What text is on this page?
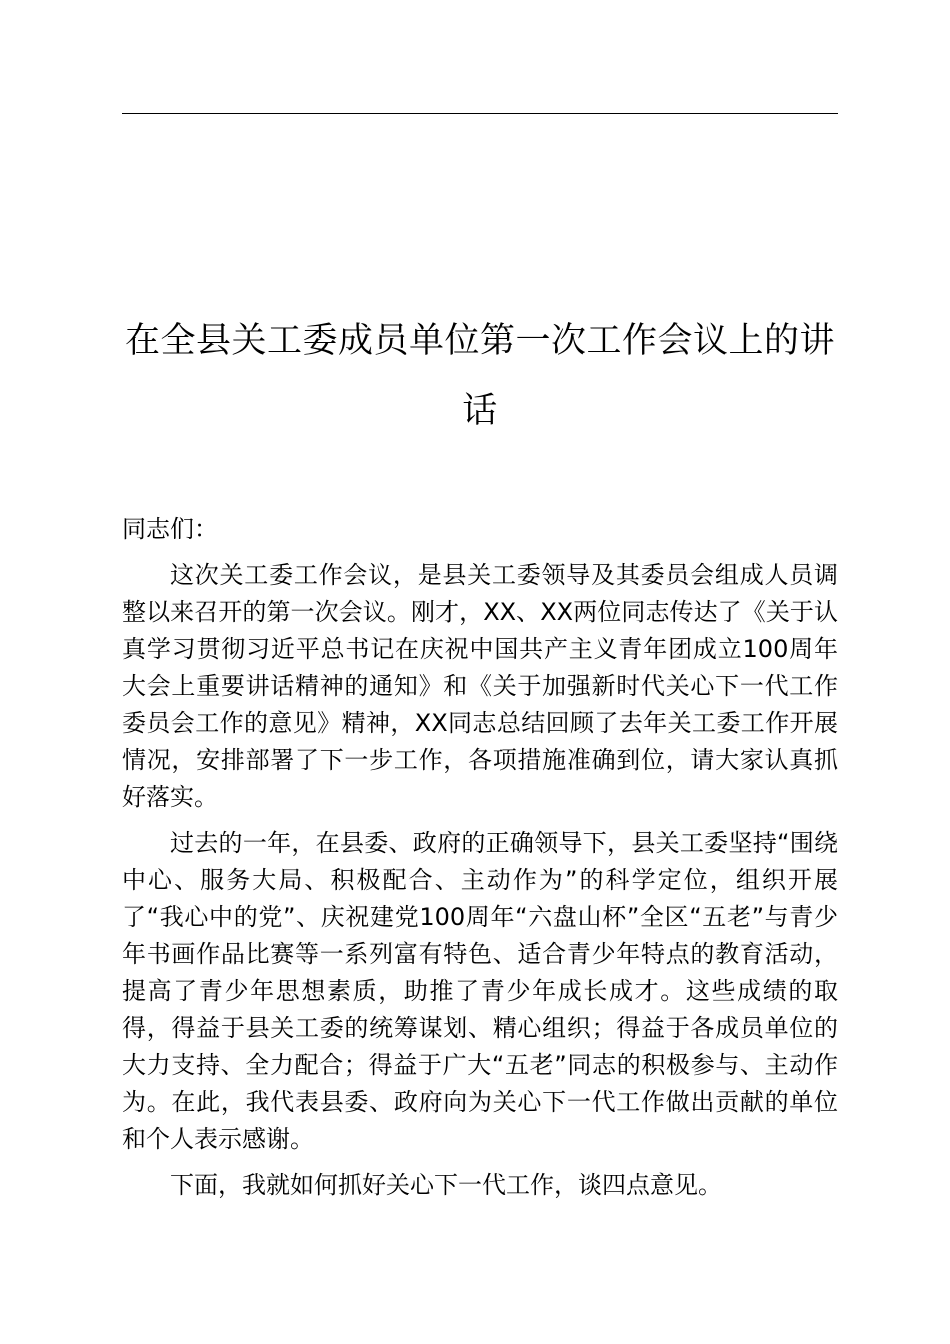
在全县关工委成员单位第一次工作会议上的讲话

同志们：

这次关工委工作会议，是县关工委领导及其委员会组成人员调整以来召开的第一次会议。刚才，XX、XX两位同志传达了《关于认真学习贯彻习近平总书记在庆祝中国共产主义青年团成立100周年大会上重要讲话精神的通知》和《关于加强新时代关心下一代工作委员会工作的意见》精神，XX同志总结回顾了去年关工委工作开展情况，安排部署了下一步工作，各项措施准确到位，请大家认真抓好落实。

过去的一年，在县委、政府的正确领导下，县关工委坚持“围绕中心、服务大局、积极配合、主动作为”的科学定位，组织开展了“我心中的党”、庆祝建党100周年“六盘山杯”全区“五老”与青少年书画作品比赛等一系列富有特色、适合青少年特点的教育活动，提高了青少年思想素质，助推了青少年成长成才。这些成绩的取得，得益于县关工委的统筹谋划、精心组织；得益于各成员单位的大力支持、全力配合；得益于广大“五老”同志的积极参与、主动作为。在此，我代表县委、政府向为关心下一代工作做出贡献的单位和个人表示感谢。

下面，我就如何抓好关心下一代工作，谈四点意见。
